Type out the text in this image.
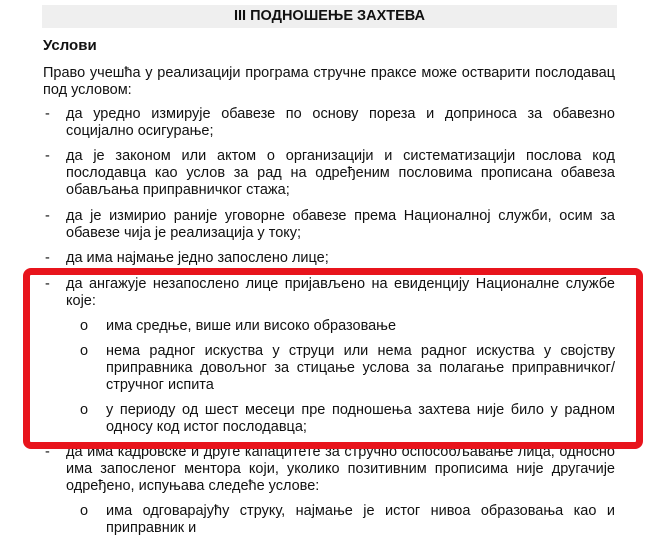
III ПОДНОШЕЊЕ ЗАХТЕВА
Услови
Право учешћа у реализацији програма стручне праксе може остварити послодавац под условом:
- да уредно измирује обавезе по основу пореза и доприноса за обавезно социјално осигурање;
- да је законом или актом о организацији и систематизацији послова код послодавца као услов за рад на одређеним пословима прописана обавеза обављања приправничког стажа;
- да је измирио раније уговорне обавезе према Националној служби, осим за обавезе чија је реализација у току;
- да има најмање једно запослено лице;
- да ангажује незапослено лице пријављено на евиденцију Националне службе које:
o има средње, више или високо образовање
o нема радног искуства у струци или нема радног искуства у својству приправника довољног за стицање услова за полагање приправничког/стручног испита
o у периоду од шест месеци пре подношења захтева није било у радном односу код истог послодавца;
- да има кадровске и друге капацитете за стручно оспособљавање лица, односно има запосленог ментора који, уколико позитивним прописима није другачије одређено, испуњава следеће услове:
o има одговарајућу струку, најмање је истог нивоа образовања као и приправник и
